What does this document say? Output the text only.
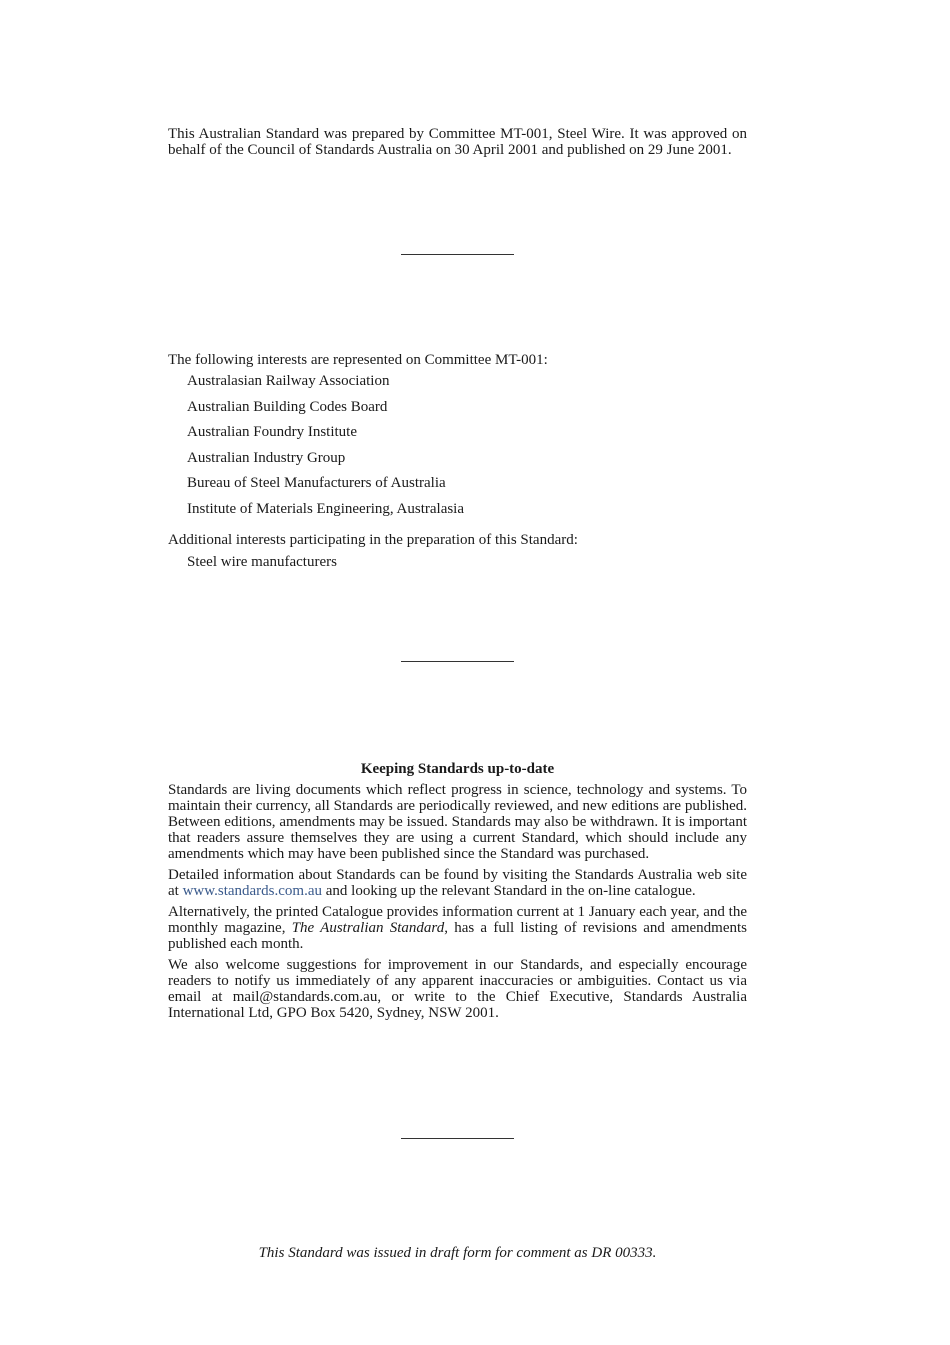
This Australian Standard was prepared by Committee MT-001, Steel Wire. It was approved on behalf of the Council of Standards Australia on 30 April 2001 and published on 29 June 2001.

The following interests are represented on Committee MT-001:

Australasian Railway Association
Australian Building Codes Board
Australian Foundry Institute
Australian Industry Group
Bureau of Steel Manufacturers of Australia
Institute of Materials Engineering, Australasia

Additional interests participating in the preparation of this Standard:

Steel wire manufacturers
Keeping Standards up-to-date

Standards are living documents which reflect progress in science, technology and systems. To maintain their currency, all Standards are periodically reviewed, and new editions are published. Between editions, amendments may be issued. Standards may also be withdrawn. It is important that readers assure themselves they are using a current Standard, which should include any amendments which may have been published since the Standard was purchased.

Detailed information about Standards can be found by visiting the Standards Australia web site at www.standards.com.au and looking up the relevant Standard in the on-line catalogue.

Alternatively, the printed Catalogue provides information current at 1 January each year, and the monthly magazine, The Australian Standard, has a full listing of revisions and amendments published each month.

We also welcome suggestions for improvement in our Standards, and especially encourage readers to notify us immediately of any apparent inaccuracies or ambiguities. Contact us via email at mail@standards.com.au, or write to the Chief Executive, Standards Australia International Ltd, GPO Box 5420, Sydney, NSW 2001.

This Standard was issued in draft form for comment as DR 00333.
